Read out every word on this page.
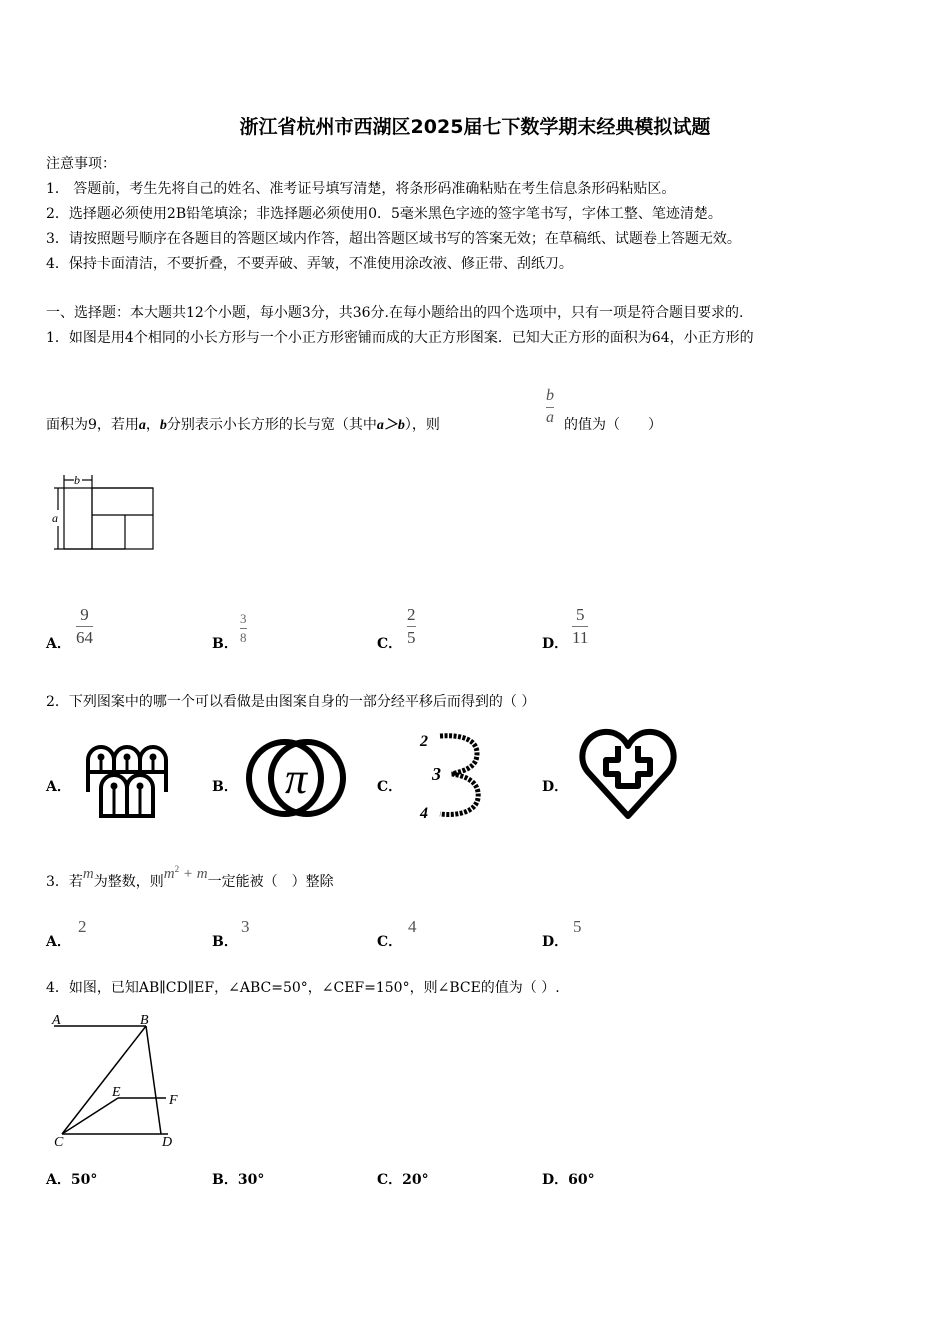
浙江省杭州市西湖区2025届七下数学期末经典模拟试题
注意事项：
1． 答题前，考生先将自己的姓名、准考证号填写清楚，将条形码准确粘贴在考生信息条形码粘贴区。
2．选择题必须使用2B铅笔填涂；非选择题必须使用0．5毫米黑色字迹的签字笔书写，字体工整、笔迹清楚。
3．请按照题号顺序在各题目的答题区域内作答，超出答题区域书写的答案无效；在草稿纸、试题卷上答题无效。
4．保持卡面清洁，不要折叠，不要弄破、弄皱，不准使用涂改液、修正带、刮纸刀。
一、选择题：本大题共12个小题，每小题3分，共36分.在每小题给出的四个选项中，只有一项是符合题目要求的.
1．如图是用4个相同的小长方形与一个小正方形密铺而成的大正方形图案．已知大正方形的面积为64，小正方形的
面积为9，若用a，b分别表示小长方形的长与宽（其中a＞b），则
b
a 的值为（　　）
b
a
A．
9
64	B．
3
8	C．
2
5	D．
5
11
2．下列图案中的哪一个可以看做是由图案自身的一部分经平移后而得到的（ ）
A．	B． π	C．
2
3
4
D．
3．若m为整数，则$m^2 + m$一定能被（　）整除
A．
2
B．
3
C．
4
D．
5
4．如图，已知AB∥CD∥EF，∠ABC=50°，∠CEF=150°，则∠BCE的值为（ ）.
A	B
E
F
C	D
A．50°	B．30°	C．20°	D．60°
